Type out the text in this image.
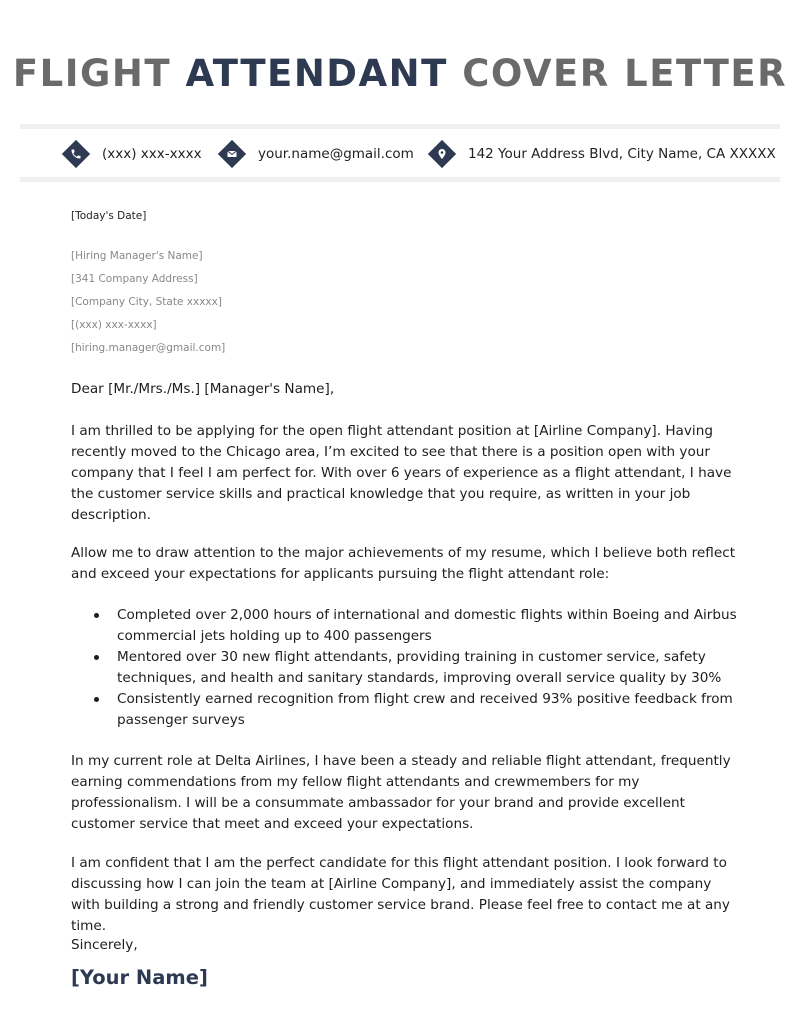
FLIGHT ATTENDANT COVER LETTER
(xxx) xxx-xxxx	your.name@gmail.com	142 Your Address Blvd, City Name, CA XXXXX
[Today's Date]
[Hiring Manager's Name]
[341 Company Address]
[Company City, State xxxxx]
[(xxx) xxx-xxxx]
[hiring.manager@gmail.com]
Dear [Mr./Mrs./Ms.] [Manager's Name],
I am thrilled to be applying for the open flight attendant position at [Airline Company]. Having recently moved to the Chicago area, I’m excited to see that there is a position open with your company that I feel I am perfect for. With over 6 years of experience as a flight attendant, I have the customer service skills and practical knowledge that you require, as written in your job description.
Allow me to draw attention to the major achievements of my resume, which I believe both reflect and exceed your expectations for applicants pursuing the flight attendant role:
Completed over 2,000 hours of international and domestic flights within Boeing and Airbus commercial jets holding up to 400 passengers
Mentored over 30 new flight attendants, providing training in customer service, safety techniques, and health and sanitary standards, improving overall service quality by 30%
Consistently earned recognition from flight crew and received 93% positive feedback from passenger surveys
In my current role at Delta Airlines, I have been a steady and reliable flight attendant, frequently earning commendations from my fellow flight attendants and crewmembers for my professionalism. I will be a consummate ambassador for your brand and provide excellent customer service that meet and exceed your expectations.
I am confident that I am the perfect candidate for this flight attendant position. I look forward to discussing how I can join the team at [Airline Company], and immediately assist the company with building a strong and friendly customer service brand. Please feel free to contact me at any time.
Sincerely,
[Your Name]
